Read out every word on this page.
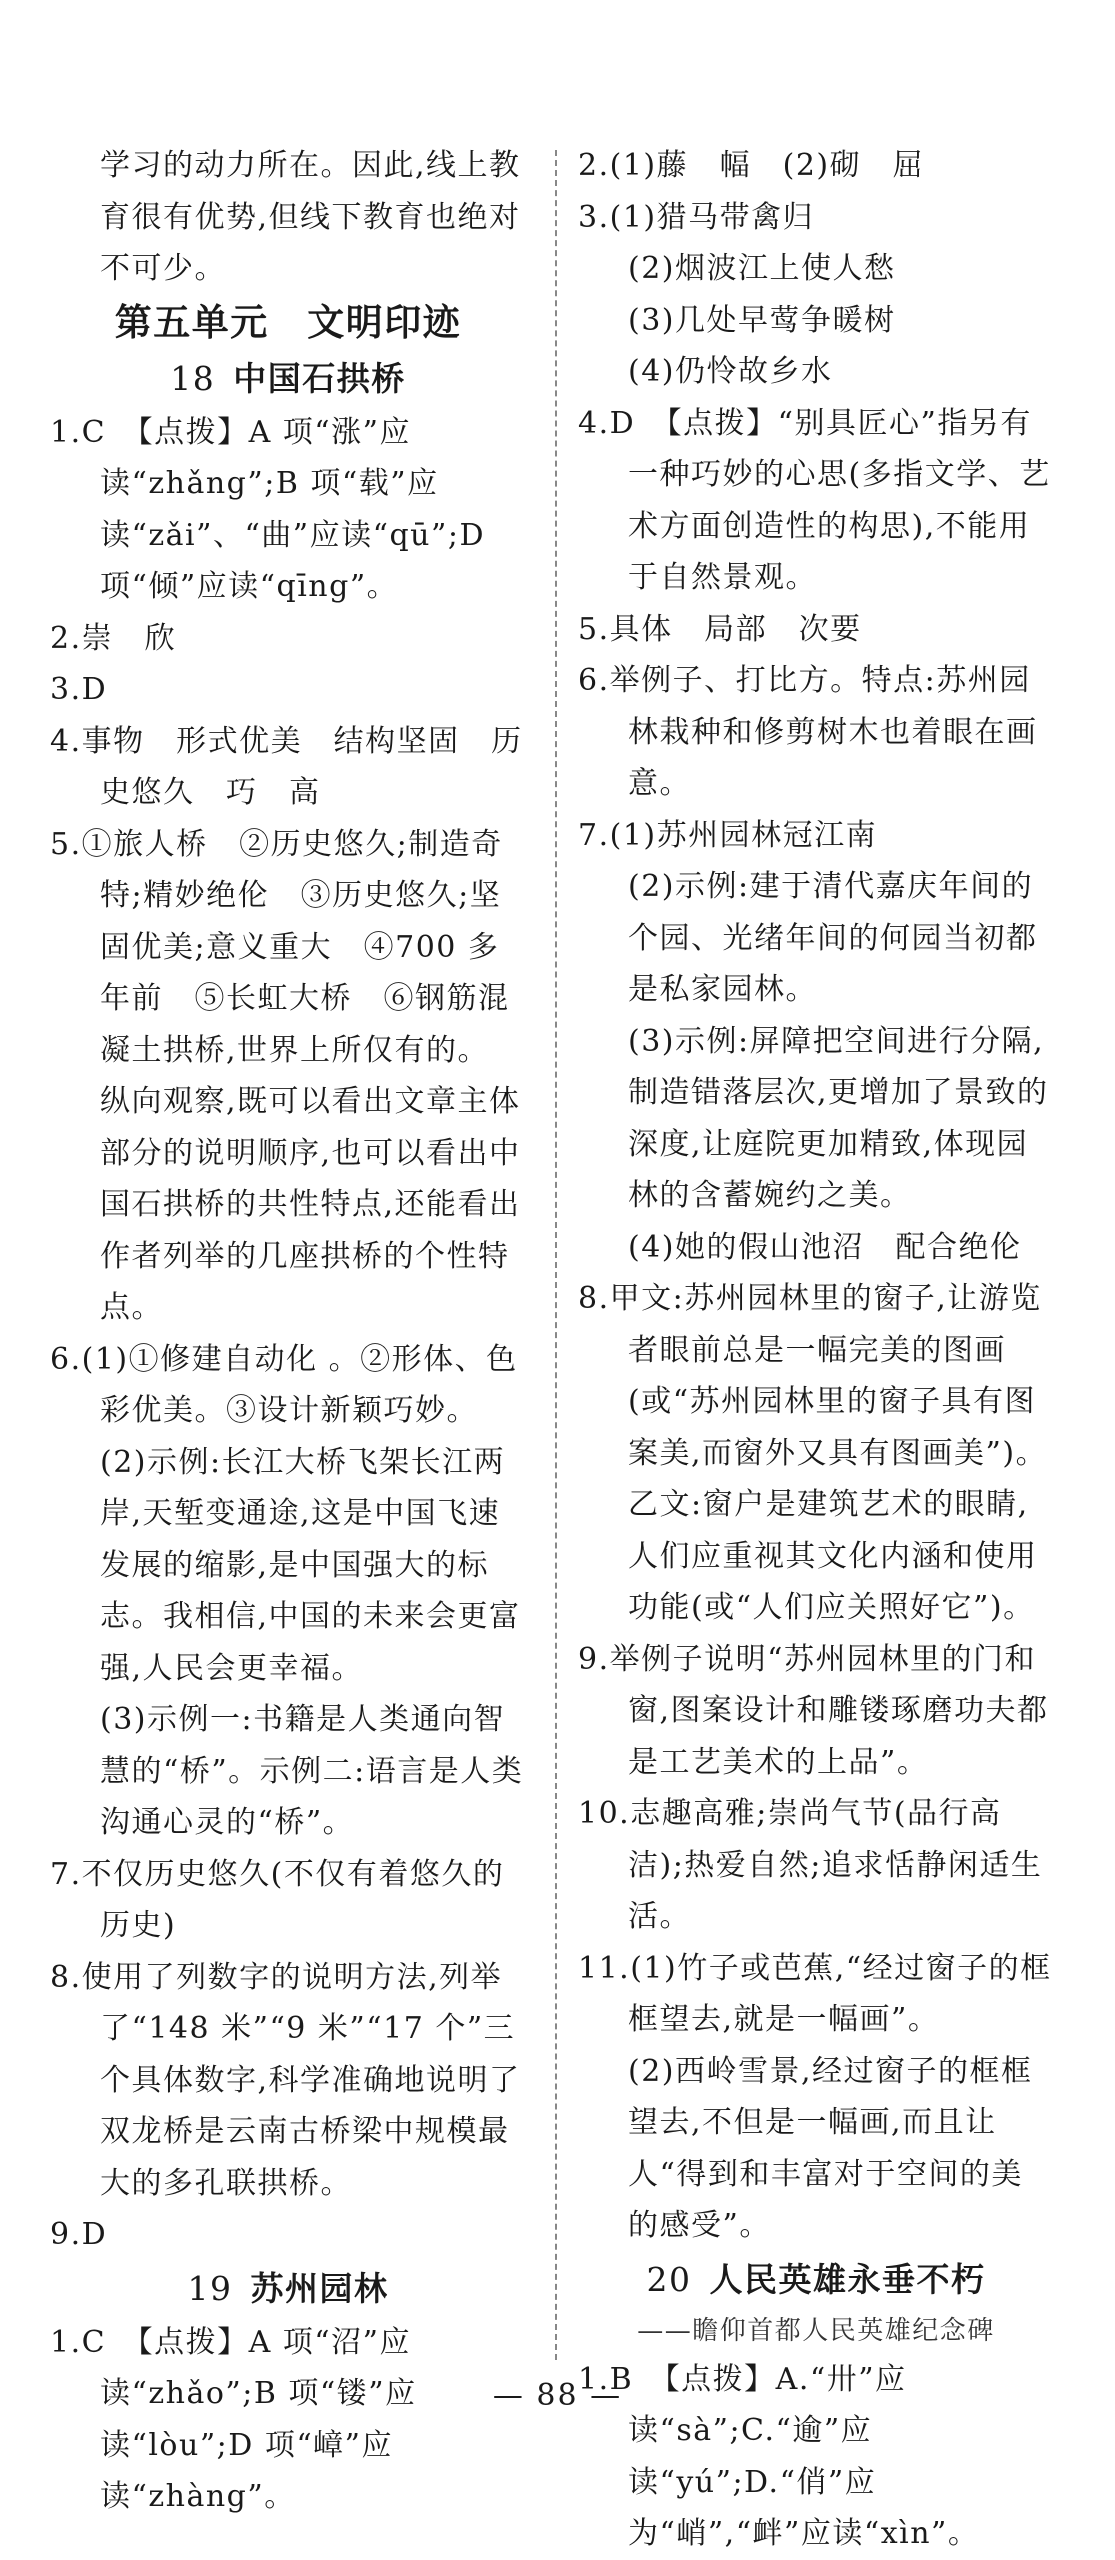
学习的动力所在。因此,线上教育很有优势,但线下教育也绝对不可少。

第五单元　文明印迹
18 中国石拱桥

1.C　【点拨】A 项“涨”应读“zhǎng”;B 项“载”应读“zǎi”、“曲”应读“qū”;D 项“倾”应读“qīng”。

2.崇　欣

3.D

4.事物　形式优美　结构坚固　历史悠久　巧　高

5.①旅人桥　②历史悠久;制造奇特;精妙绝伦　③历史悠久;坚固优美;意义重大　④700 多年前　⑤长虹大桥　⑥钢筋混凝土拱桥,世界上所仅有的。

纵向观察,既可以看出文章主体部分的说明顺序,也可以看出中国石拱桥的共性特点,还能看出作者列举的几座拱桥的个性特点。

6.(1)①修建自动化 。②形体、色彩优美。③设计新颖巧妙。

(2)示例:长江大桥飞架长江两岸,天堑变通途,这是中国飞速发展的缩影,是中国强大的标志。我相信,中国的未来会更富强,人民会更幸福。

(3)示例一:书籍是人类通向智慧的“桥”。示例二:语言是人类沟通心灵的“桥”。

7.不仅历史悠久(不仅有着悠久的历史)

8.使用了列数字的说明方法,列举了“148 米”“9 米”“17 个”三个具体数字,科学准确地说明了双龙桥是云南古桥梁中规模最大的多孔联拱桥。

9.D

19 苏州园林

1.C　【点拨】A 项“沼”应读“zhǎo”;B 项“镂”应读“lòu”;D 项“嶂”应读“zhàng”。

2.(1)藤　幅　(2)砌　屈

3.(1)猎马带禽归

(2)烟波江上使人愁

(3)几处早莺争暖树

(4)仍怜故乡水

4.D　【点拨】“别具匠心”指另有一种巧妙的心思(多指文学、艺术方面创造性的构思),不能用于自然景观。

5.具体　局部　次要

6.举例子、打比方。特点:苏州园林栽种和修剪树木也着眼在画意。

7.(1)苏州园林冠江南

(2)示例:建于清代嘉庆年间的个园、光绪年间的何园当初都是私家园林。

(3)示例:屏障把空间进行分隔,制造错落层次,更增加了景致的深度,让庭院更加精致,体现园林的含蓄婉约之美。

(4)她的假山池沼　配合绝伦

8.甲文:苏州园林里的窗子,让游览者眼前总是一幅完美的图画(或“苏州园林里的窗子具有图案美,而窗外又具有图画美”)。乙文:窗户是建筑艺术的眼睛,人们应重视其文化内涵和使用功能(或“人们应关照好它”)。

9.举例子说明“苏州园林里的门和窗,图案设计和雕镂琢磨功夫都是工艺美术的上品”。

10.志趣高雅;崇尚气节(品行高洁);热爱自然;追求恬静闲适生活。

11.(1)竹子或芭蕉,“经过窗子的框框望去,就是一幅画”。

(2)西岭雪景,经过窗子的框框望去,不但是一幅画,而且让人“得到和丰富对于空间的美的感受”。

20 人民英雄永垂不朽
——瞻仰首都人民英雄纪念碑

1.B　【点拨】A.“卅”应读“sà”;C.“逾”应读“yú”;D.“俏”应为“峭”,“衅”应读“xìn”。

— 88 —
